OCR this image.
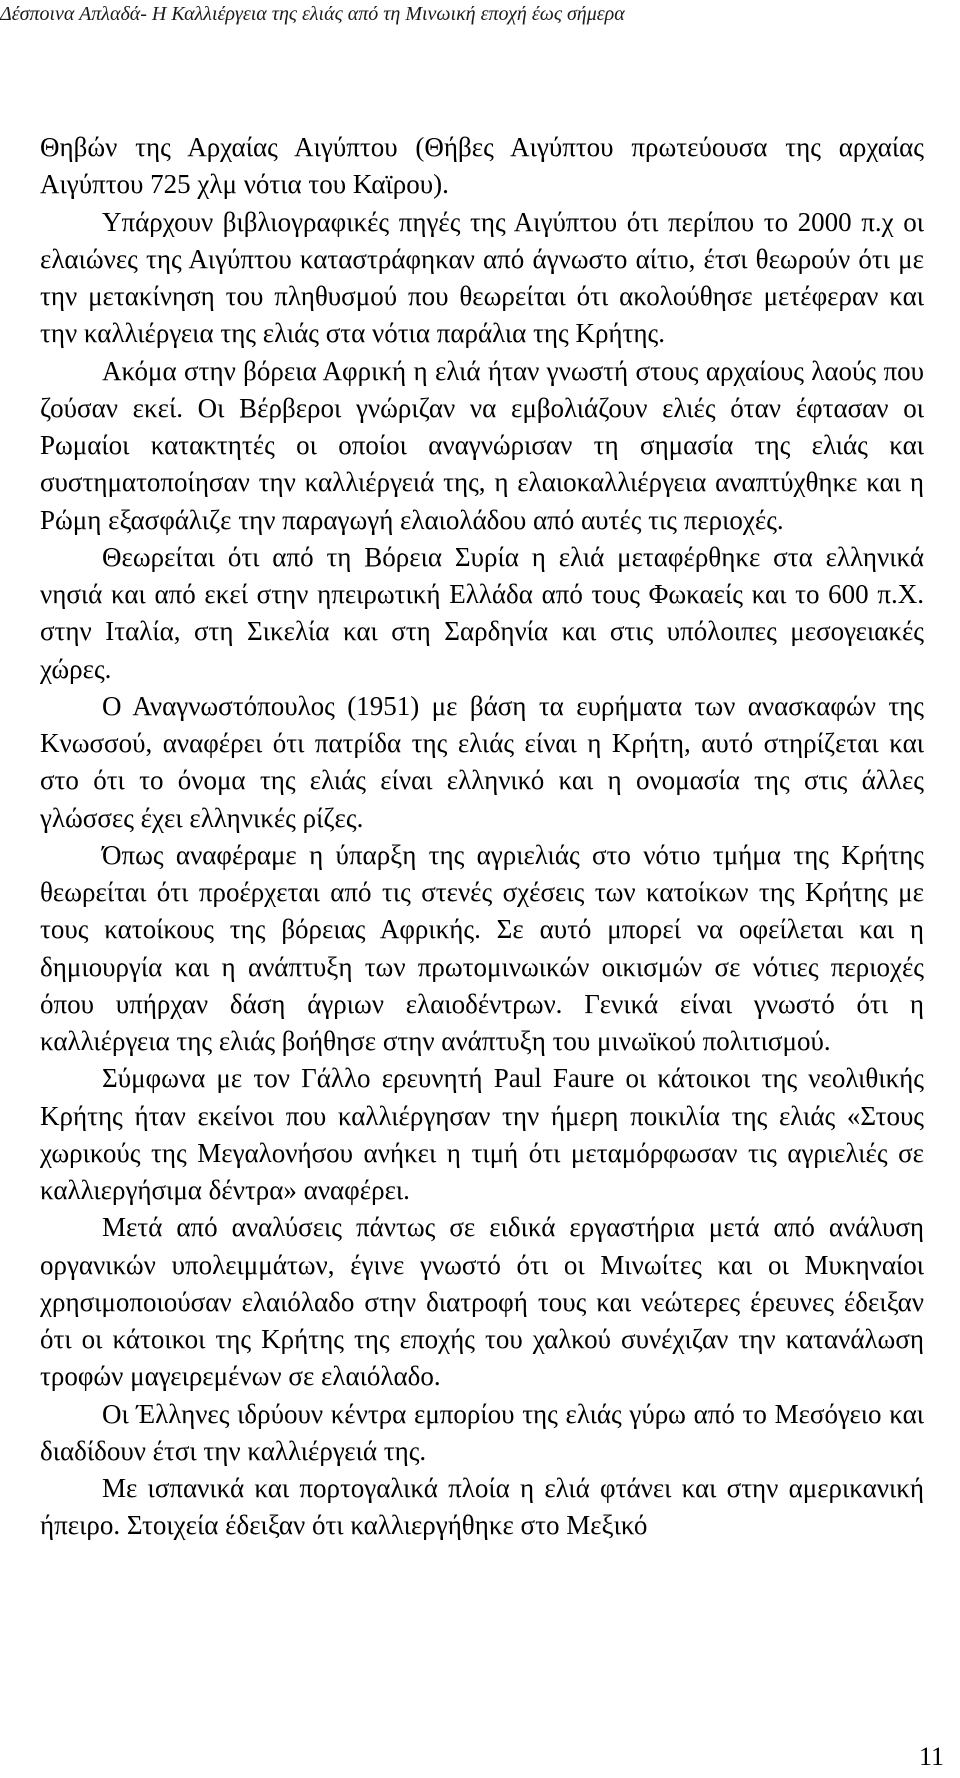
Δέσποινα Απλαδά- Η Καλλιέργεια της ελιάς από τη Μινωική εποχή έως σήμερα

Θηβών της Αρχαίας Αιγύπτου (Θήβες Αιγύπτου πρωτεύουσα της αρχαίας Αιγύπτου 725 χλμ νότια του Καϊρου).

Υπάρχουν βιβλιογραφικές πηγές της Αιγύπτου ότι περίπου το 2000 π.χ οι ελαιώνες της Αιγύπτου καταστράφηκαν από άγνωστο αίτιο, έτσι θεωρούν ότι με την μετακίνηση του πληθυσμού που θεωρείται ότι ακολούθησε μετέφεραν και την καλλιέργεια της ελιάς στα νότια παράλια της Κρήτης.

Ακόμα στην βόρεια Αφρική η ελιά ήταν γνωστή στους αρχαίους λαούς που ζούσαν εκεί. Οι Βέρβεροι γνώριζαν να εμβολιάζουν ελιές όταν έφτασαν οι Ρωμαίοι κατακτητές οι οποίοι αναγνώρισαν τη σημασία της ελιάς και συστηματοποίησαν την καλλιέργειά της, η ελαιοκαλλιέργεια αναπτύχθηκε και η Ρώμη εξασφάλιζε την παραγωγή ελαιολάδου από αυτές τις περιοχές.

Θεωρείται ότι από τη Βόρεια Συρία η ελιά μεταφέρθηκε στα ελληνικά νησιά και από εκεί στην ηπειρωτική Ελλάδα από τους Φωκαείς και το 600 π.Χ. στην Ιταλία, στη Σικελία και στη Σαρδηνία και στις υπόλοιπες μεσογειακές χώρες.

Ο Αναγνωστόπουλος (1951) με βάση τα ευρήματα των ανασκαφών της Κνωσσού, αναφέρει ότι πατρίδα της ελιάς είναι η Κρήτη, αυτό στηρίζεται και στο ότι το όνομα της ελιάς είναι ελληνικό και η ονομασία της στις άλλες γλώσσες έχει ελληνικές ρίζες.

Όπως αναφέραμε η ύπαρξη της αγριελιάς στο νότιο τμήμα της Κρήτης θεωρείται ότι προέρχεται από τις στενές σχέσεις των κατοίκων της Κρήτης με τους κατοίκους της βόρειας Αφρικής. Σε αυτό μπορεί να οφείλεται και η δημιουργία και η ανάπτυξη των πρωτομινωικών οικισμών σε νότιες περιοχές όπου υπήρχαν δάση άγριων ελαιοδέντρων. Γενικά είναι γνωστό ότι η καλλιέργεια της ελιάς βοήθησε στην ανάπτυξη του μινωϊκού πολιτισμού.

Σύμφωνα με τον Γάλλο ερευνητή Paul Faure οι κάτοικοι της νεολιθικής Κρήτης ήταν εκείνοι που καλλιέργησαν την ήμερη ποικιλία της ελιάς «Στους χωρικούς της Μεγαλονήσου ανήκει η τιμή ότι μεταμόρφωσαν τις αγριελιές σε καλλιεργήσιμα δέντρα» αναφέρει.

Μετά από αναλύσεις πάντως σε ειδικά εργαστήρια μετά από ανάλυση οργανικών υπολειμμάτων, έγινε γνωστό ότι οι Μινωίτες και οι Μυκηναίοι χρησιμοποιούσαν ελαιόλαδο στην διατροφή τους και νεώτερες έρευνες έδειξαν ότι οι κάτοικοι της Κρήτης της εποχής του χαλκού συνέχιζαν την κατανάλωση τροφών μαγειρεμένων σε ελαιόλαδο.

Οι Έλληνες ιδρύουν κέντρα εμπορίου της ελιάς γύρω από το Μεσόγειο και διαδίδουν έτσι την καλλιέργειά της.

Με ισπανικά και πορτογαλικά πλοία η ελιά φτάνει και στην αμερικανική ήπειρο. Στοιχεία έδειξαν ότι καλλιεργήθηκε στο Μεξικό

11
